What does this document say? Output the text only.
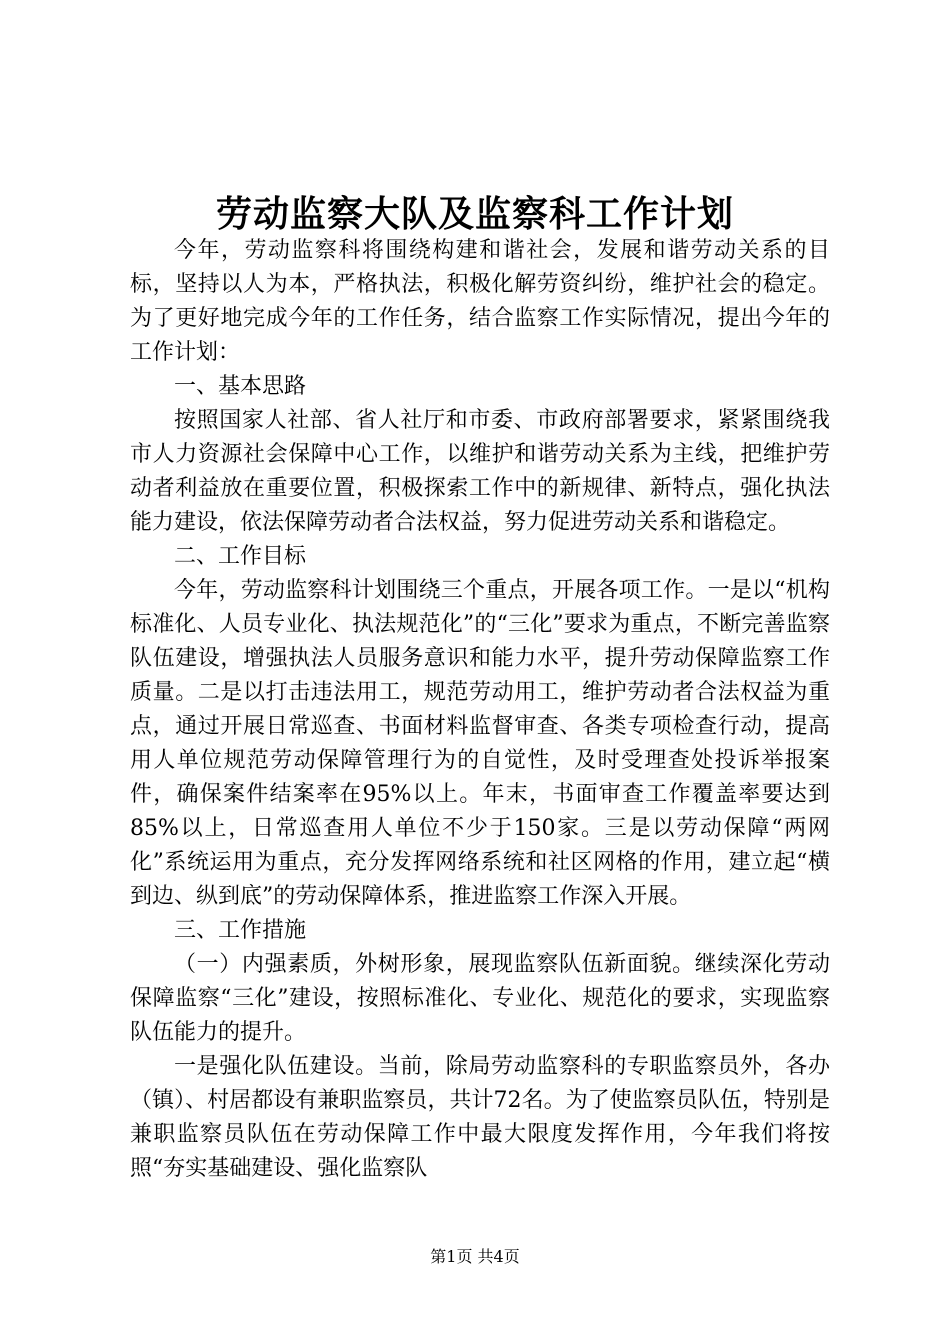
劳动监察大队及监察科工作计划

今年，劳动监察科将围绕构建和谐社会，发展和谐劳动关系的目标，坚持以人为本，严格执法，积极化解劳资纠纷，维护社会的稳定。为了更好地完成今年的工作任务，结合监察工作实际情况，提出今年的工作计划：

一、基本思路

按照国家人社部、省人社厅和市委、市政府部署要求，紧紧围绕我市人力资源社会保障中心工作，以维护和谐劳动关系为主线，把维护劳动者利益放在重要位置，积极探索工作中的新规律、新特点，强化执法能力建设，依法保障劳动者合法权益，努力促进劳动关系和谐稳定。

二、工作目标

今年，劳动监察科计划围绕三个重点，开展各项工作。一是以“机构标准化、人员专业化、执法规范化”的“三化”要求为重点，不断完善监察队伍建设，增强执法人员服务意识和能力水平，提升劳动保障监察工作质量。二是以打击违法用工，规范劳动用工，维护劳动者合法权益为重点，通过开展日常巡查、书面材料监督审查、各类专项检查行动，提高用人单位规范劳动保障管理行为的自觉性，及时受理查处投诉举报案件，确保案件结案率在95%以上。年末，书面审查工作覆盖率要达到85%以上，日常巡查用人单位不少于150家。三是以劳动保障“两网化”系统运用为重点，充分发挥网络系统和社区网格的作用，建立起“横到边、纵到底”的劳动保障体系，推进监察工作深入开展。

三、工作措施

（一）内强素质，外树形象，展现监察队伍新面貌。继续深化劳动保障监察“三化”建设，按照标准化、专业化、规范化的要求，实现监察队伍能力的提升。

一是强化队伍建设。当前，除局劳动监察科的专职监察员外，各办（镇）、村居都设有兼职监察员，共计72名。为了使监察员队伍，特别是兼职监察员队伍在劳动保障工作中最大限度发挥作用，今年我们将按照“夯实基础建设、强化监察队

第1页 共4页
